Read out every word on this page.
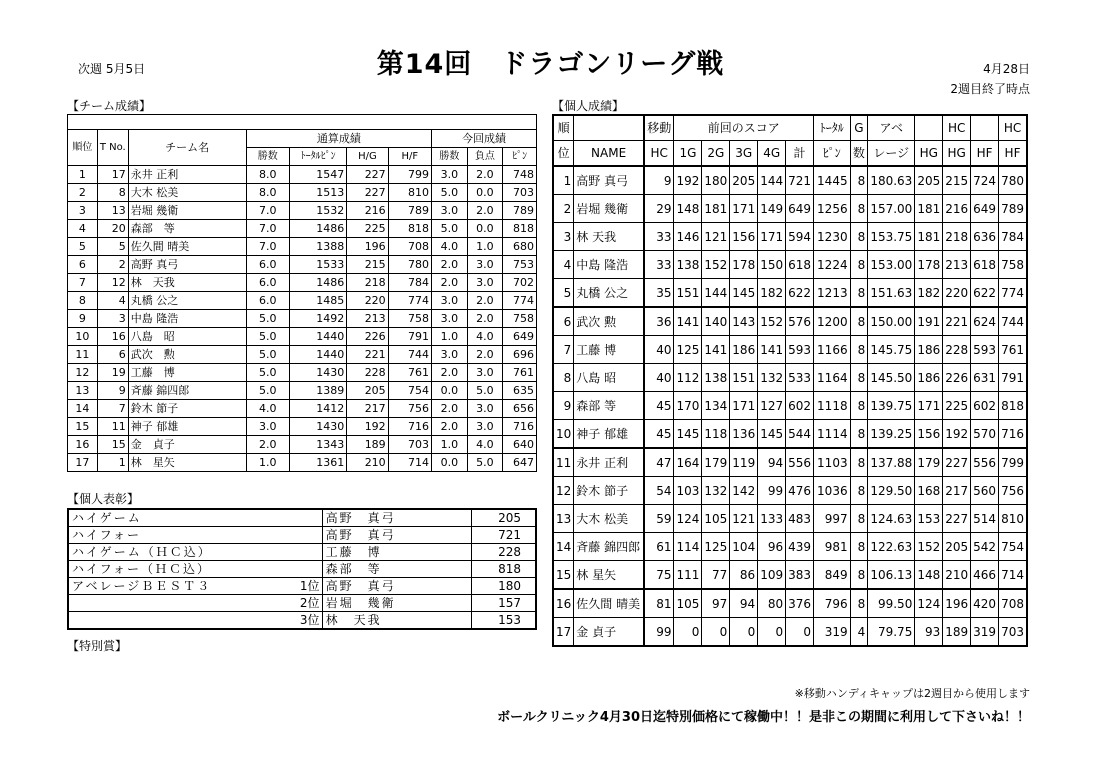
次週 5月5日	第14回　ドラゴンリーグ戦	4月28日
2週目終了時点
【チーム成績】	【個人成績】

順位	T No.	チーム名	通算成績				今回成績		
			勝数	ﾄｰﾀﾙﾋﾟﾝ	H/G	H/F	勝数	負点	ﾋﾟﾝ
1	17	永井 正利	8.0	1547	227	799	3.0	2.0	748
2	8	大木 松美	8.0	1513	227	810	5.0	0.0	703
3	13	岩堀 幾衛	7.0	1532	216	789	3.0	2.0	789
4	20	森部　等	7.0	1486	225	818	5.0	0.0	818
5	5	佐久間 晴美	7.0	1388	196	708	4.0	1.0	680
6	2	高野 真弓	6.0	1533	215	780	2.0	3.0	753
7	12	林　天我	6.0	1486	218	784	2.0	3.0	702
8	4	丸橋 公之	6.0	1485	220	774	3.0	2.0	774
9	3	中島 隆浩	5.0	1492	213	758	3.0	2.0	758
10	16	八島　昭	5.0	1440	226	791	1.0	4.0	649
11	6	武次　勲	5.0	1440	221	744	3.0	2.0	696
12	19	工藤　博	5.0	1430	228	761	2.0	3.0	761
13	9	斉藤 錦四郎	5.0	1389	205	754	0.0	5.0	635
14	7	鈴木 節子	4.0	1412	217	756	2.0	3.0	656
15	11	神子 郁雄	3.0	1430	192	716	2.0	3.0	716
16	15	金　貞子	2.0	1343	189	703	1.0	4.0	640
17	1	林　星矢	1.0	1361	210	714	0.0	5.0	647
順		移動	前回のスコア					ﾄｰﾀﾙ	G	アベ		HC		HC
位	NAME	HC	1G	2G	3G	4G	計	ﾋﾟﾝ	数	レージ	HG	HG	HF	HF
1	高野 真弓	9	192	180	205	144	721	1445	8	180.63	205	215	724	780
2	岩堀 幾衛	29	148	181	171	149	649	1256	8	157.00	181	216	649	789
3	林 天我	33	146	121	156	171	594	1230	8	153.75	181	218	636	784
4	中島 隆浩	33	138	152	178	150	618	1224	8	153.00	178	213	618	758
5	丸橋 公之	35	151	144	145	182	622	1213	8	151.63	182	220	622	774
6	武次 勲	36	141	140	143	152	576	1200	8	150.00	191	221	624	744
7	工藤 博	40	125	141	186	141	593	1166	8	145.75	186	228	593	761
8	八島 昭	40	112	138	151	132	533	1164	8	145.50	186	226	631	791
9	森部 等	45	170	134	171	127	602	1118	8	139.75	171	225	602	818
10	神子 郁雄	45	145	118	136	145	544	1114	8	139.25	156	192	570	716
11	永井 正利	47	164	179	119	94	556	1103	8	137.88	179	227	556	799
12	鈴木 節子	54	103	132	142	99	476	1036	8	129.50	168	217	560	756
13	大木 松美	59	124	105	121	133	483	997	8	124.63	153	227	514	810
14	斉藤 錦四郎	61	114	125	104	96	439	981	8	122.63	152	205	542	754
15	林 星矢	75	111	77	86	109	383	849	8	106.13	148	210	466	714
16	佐久間 晴美	81	105	97	94	80	376	796	8	99.50	124	196	420	708
17	金 貞子	99	0	0	0	0	0	319	4	79.75	93	189	319	703
【個人表彰】
ハイゲーム		高野　真弓	205
ハイフォー		高野　真弓	721
ハイゲーム（ＨＣ込）		工藤　博	228
ハイフォー（ＨＣ込）		森部　等	818
アベレージＢＥＳＴ３	1位	高野　真弓	180
	2位	岩堀　幾衛	157
	3位	林　天我	153
【特別賞】
※移動ハンディキャップは2週目から使用します
ボールクリニック4月30日迄特別価格にて稼働中！！是非この期間に利用して下さいね！！
